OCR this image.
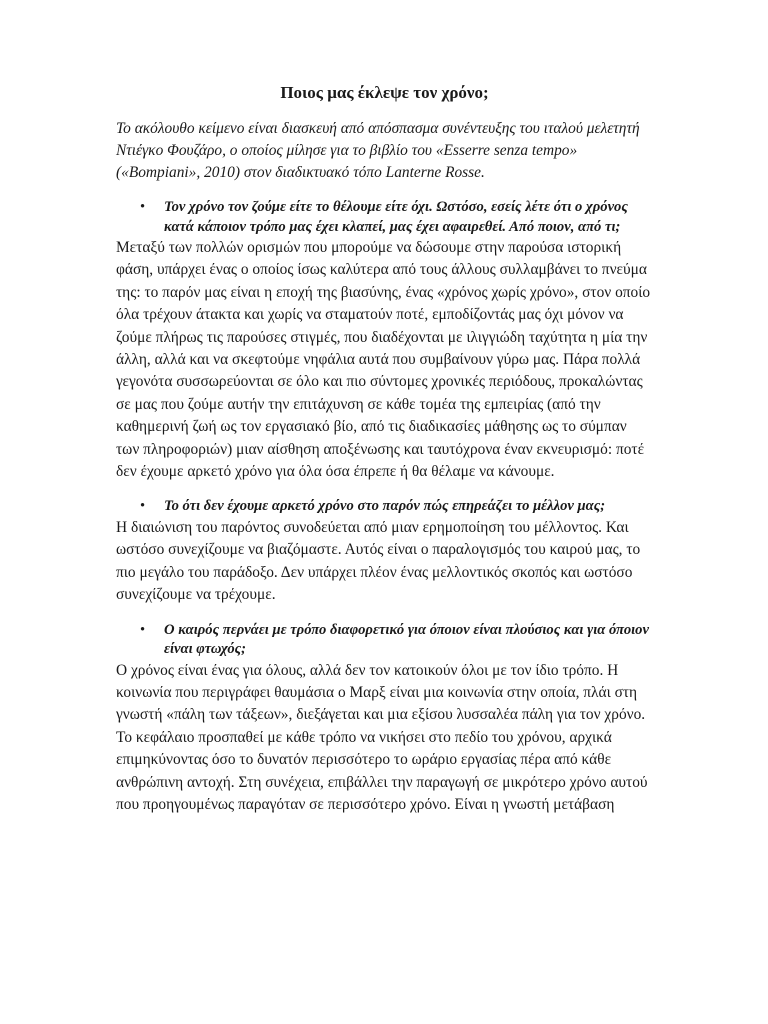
Ποιος μας έκλεψε τον χρόνο;
Το ακόλουθο κείμενο είναι διασκευή από απόσπασμα συνέντευξης του ιταλού μελετητή Ντιέγκο Φουζάρο, ο οποίος μίλησε για το βιβλίο του «Esserre senza tempo» («Bompiani», 2010) στον διαδικτυακό τόπο Lanterne Rosse.
• Τον χρόνο τον ζούμε είτε το θέλουμε είτε όχι. Ωστόσο, εσείς λέτε ότι ο χρόνος κατά κάποιον τρόπο μας έχει κλαπεί, μας έχει αφαιρεθεί. Από ποιον, από τι;
Μεταξύ των πολλών ορισμών που μπορούμε να δώσουμε στην παρούσα ιστορική φάση, υπάρχει ένας ο οποίος ίσως καλύτερα από τους άλλους συλλαμβάνει το πνεύμα της: το παρόν μας είναι η εποχή της βιασύνης, ένας «χρόνος χωρίς χρόνο», στον οποίο όλα τρέχουν άτακτα και χωρίς να σταματούν ποτέ, εμποδίζοντάς μας όχι μόνον να ζούμε πλήρως τις παρούσες στιγμές, που διαδέχονται με ιλιγγιώδη ταχύτητα η μία την άλλη, αλλά και να σκεφτούμε νηφάλια αυτά που συμβαίνουν γύρω μας. Πάρα πολλά γεγονότα συσσωρεύονται σε όλο και πιο σύντομες χρονικές περιόδους, προκαλώντας σε μας που ζούμε αυτήν την επιτάχυνση σε κάθε τομέα της εμπειρίας (από την καθημερινή ζωή ως τον εργασιακό βίο, από τις διαδικασίες μάθησης ως το σύμπαν των πληροφοριών) μιαν αίσθηση αποξένωσης και ταυτόχρονα έναν εκνευρισμό: ποτέ δεν έχουμε αρκετό χρόνο για όλα όσα έπρεπε ή θα θέλαμε να κάνουμε.
• Το ότι δεν έχουμε αρκετό χρόνο στο παρόν πώς επηρεάζει το μέλλον μας;
Η διαιώνιση του παρόντος συνοδεύεται από μιαν ερημοποίηση του μέλλοντος. Και ωστόσο συνεχίζουμε να βιαζόμαστε. Αυτός είναι ο παραλογισμός του καιρού μας, το πιο μεγάλο του παράδοξο. Δεν υπάρχει πλέον ένας μελλοντικός σκοπός και ωστόσο συνεχίζουμε να τρέχουμε.
• Ο καιρός περνάει με τρόπο διαφορετικό για όποιον είναι πλούσιος και για όποιον είναι φτωχός;
Ο χρόνος είναι ένας για όλους, αλλά δεν τον κατοικούν όλοι με τον ίδιο τρόπο. Η κοινωνία που περιγράφει θαυμάσια ο Μαρξ είναι μια κοινωνία στην οποία, πλάι στη γνωστή «πάλη των τάξεων», διεξάγεται και μια εξίσου λυσσαλέα πάλη για τον χρόνο. Το κεφάλαιο προσπαθεί με κάθε τρόπο να νικήσει στο πεδίο του χρόνου, αρχικά επιμηκύνοντας όσο το δυνατόν περισσότερο το ωράριο εργασίας πέρα από κάθε ανθρώπινη αντοχή. Στη συνέχεια, επιβάλλει την παραγωγή σε μικρότερο χρόνο αυτού που προηγουμένως παραγόταν σε περισσότερο χρόνο. Είναι η γνωστή μετάβαση
